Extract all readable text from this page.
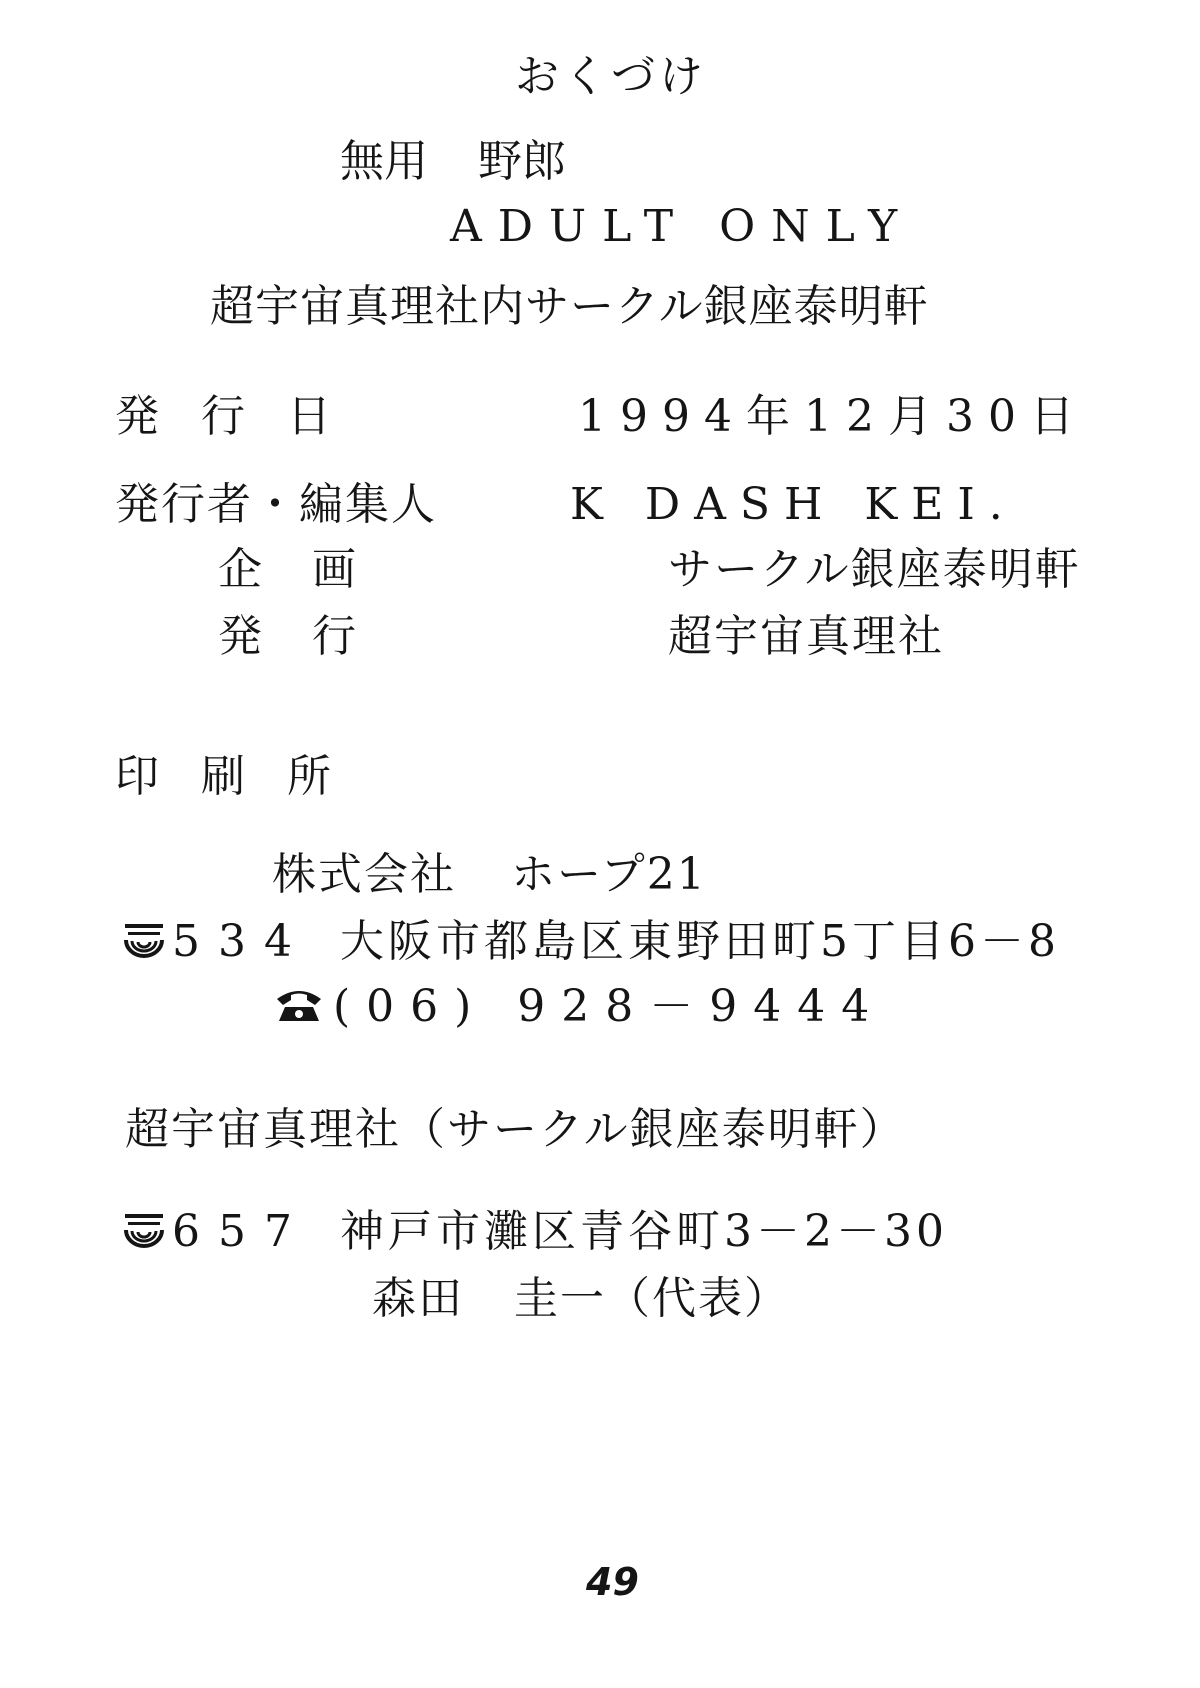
おくづけ
無用 野郎
ADULT ONLY
超宇宙真理社内サークル銀座泰明軒
発行日	1994年12月30日
発行者・編集人	K DASH KEI.
企画	サークル銀座泰明軒
発行	超宇宙真理社
印刷所
株式会社 ホープ21
534 大阪市都島区東野田町5丁目6－8
(06) 928－9444
超宇宙真理社（サークル銀座泰明軒）
657 神戸市灘区青谷町3－2－30
森田 圭一（代表）
49
